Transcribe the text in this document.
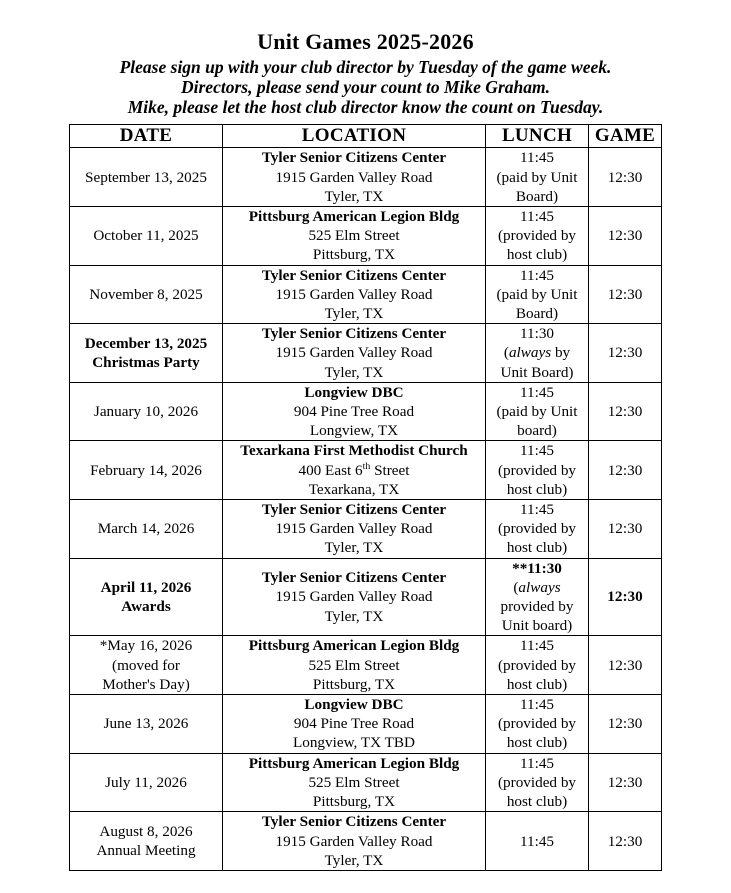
Unit Games 2025-2026
Please sign up with your club director by Tuesday of the game week.
Directors, please send your count to Mike Graham.
Mike, please let the host club director know the count on Tuesday.
DATE	LOCATION	LUNCH	GAME

September 13, 2025	Tyler Senior Citizens Center
1915 Garden Valley Road
Tyler, TX	11:45
(paid by Unit
Board)	12:30

October 11, 2025	Pittsburg American Legion Bldg
525 Elm Street
Pittsburg, TX	11:45
(provided by
host club)	12:30

November 8, 2025	Tyler Senior Citizens Center
1915 Garden Valley Road
Tyler, TX	11:45
(paid by Unit
Board)	12:30

December 13, 2025
Christmas Party	Tyler Senior Citizens Center
1915 Garden Valley Road
Tyler, TX	11:30
(always by
Unit Board)	12:30

January 10, 2026	Longview DBC
904 Pine Tree Road
Longview, TX	11:45
(paid by Unit
board)	12:30

February 14, 2026	Texarkana First Methodist Church
400 East 6th Street
Texarkana, TX	11:45
(provided by
host club)	12:30

March 14, 2026	Tyler Senior Citizens Center
1915 Garden Valley Road
Tyler, TX	11:45
(provided by
host club)	12:30

April 11, 2026
Awards	Tyler Senior Citizens Center
1915 Garden Valley Road
Tyler, TX	**11:30
(always
provided by
Unit board)	12:30

*May 16, 2026
(moved for
Mother's Day)	Pittsburg American Legion Bldg
525 Elm Street
Pittsburg, TX	11:45
(provided by
host club)	12:30

June 13, 2026	Longview DBC
904 Pine Tree Road
Longview, TX TBD	11:45
(provided by
host club)	12:30

July 11, 2026	Pittsburg American Legion Bldg
525 Elm Street
Pittsburg, TX	11:45
(provided by
host club)	12:30

August 8, 2026
Annual Meeting	Tyler Senior Citizens Center
1915 Garden Valley Road
Tyler, TX	11:45	12:30
